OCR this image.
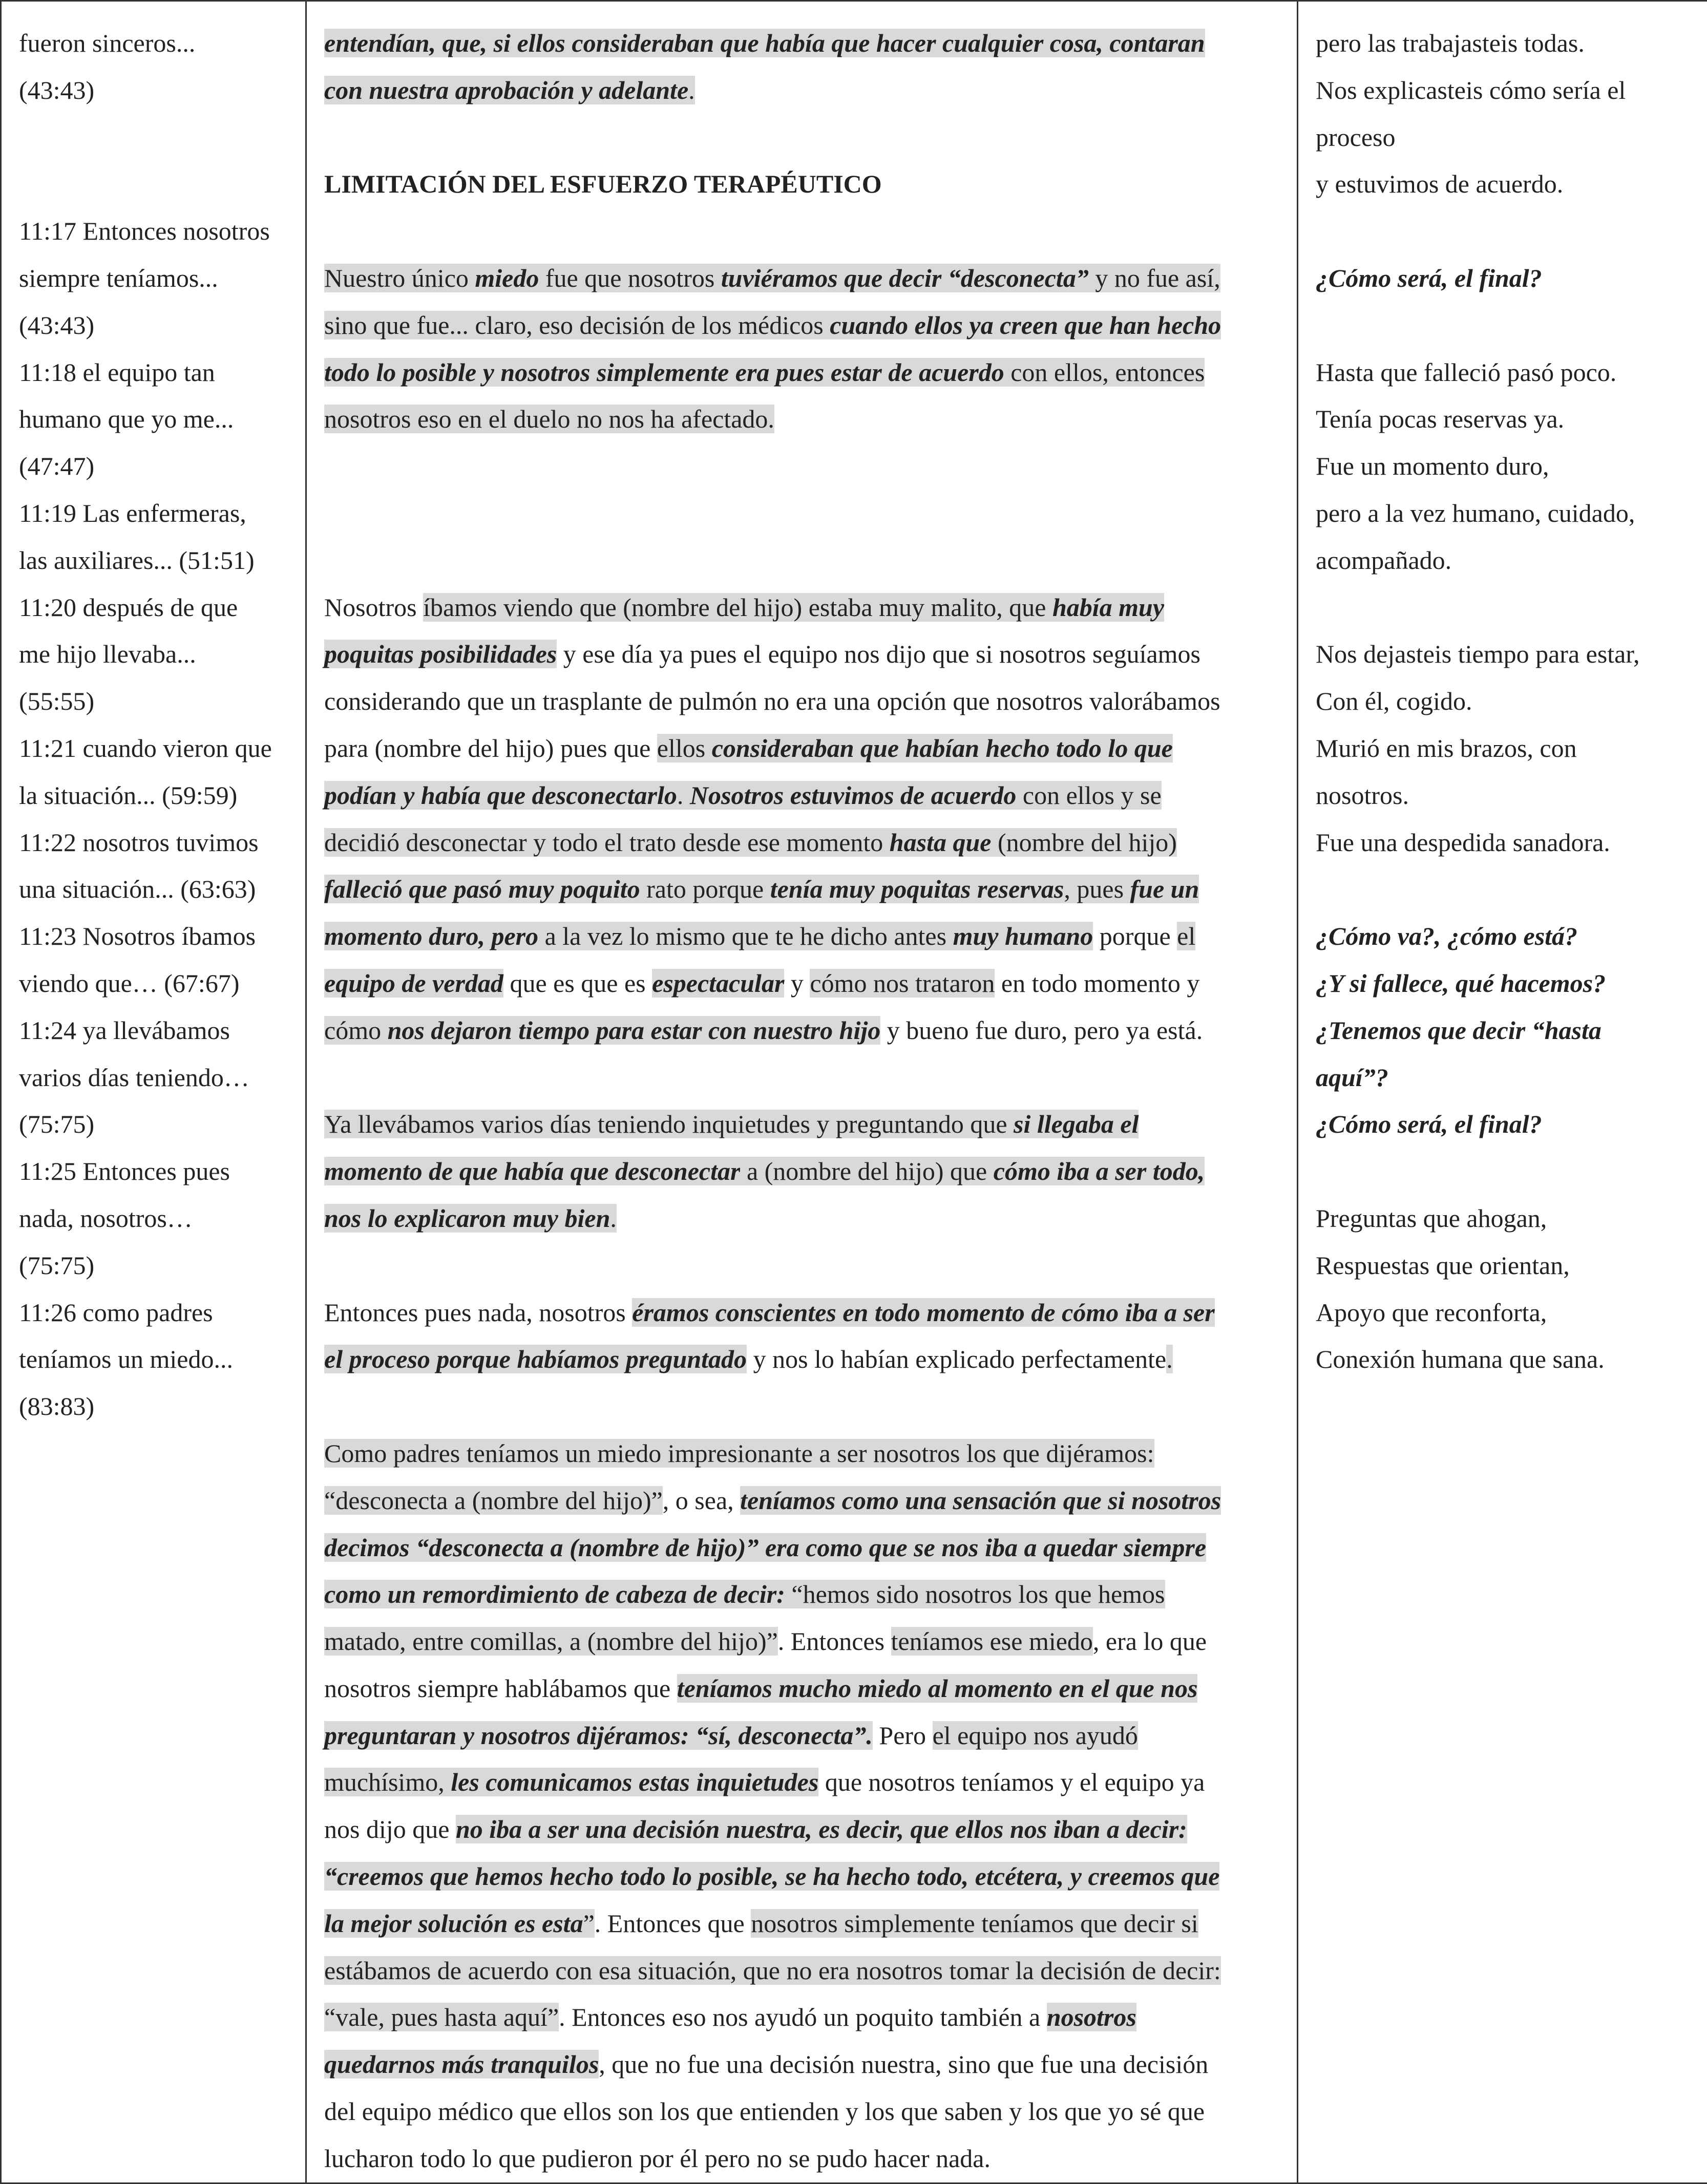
fueron sinceros...
(43:43)
11:17 Entonces nosotros
siempre teníamos...
(43:43)
11:18 el equipo tan
humano que yo me...
(47:47)
11:19 Las enfermeras,
las auxiliares... (51:51)
11:20 después de que
me hijo llevaba...
(55:55)
11:21 cuando vieron que
la situación... (59:59)
11:22 nosotros tuvimos
una situación... (63:63)
11:23 Nosotros íbamos
viendo que… (67:67)
11:24 ya llevábamos
varios días teniendo…
(75:75)
11:25 Entonces pues
nada, nosotros…
(75:75)
11:26 como padres
teníamos un miedo...
(83:83)

entendían, que, si ellos consideraban que había que hacer cualquier cosa, contaran
con nuestra aprobación y adelante.
LIMITACIÓN DEL ESFUERZO TERAPÉUTICO
Nuestro único miedo fue que nosotros tuviéramos que decir “desconecta” y no fue así,
sino que fue... claro, eso decisión de los médicos cuando ellos ya creen que han hecho
todo lo posible y nosotros simplemente era pues estar de acuerdo con ellos, entonces
nosotros eso en el duelo no nos ha afectado.
Nosotros íbamos viendo que (nombre del hijo) estaba muy malito, que había muy
poquitas posibilidades y ese día ya pues el equipo nos dijo que si nosotros seguíamos
considerando que un trasplante de pulmón no era una opción que nosotros valorábamos
para (nombre del hijo) pues que ellos consideraban que habían hecho todo lo que
podían y había que desconectarlo. Nosotros estuvimos de acuerdo con ellos y se
decidió desconectar y todo el trato desde ese momento hasta que (nombre del hijo)
falleció que pasó muy poquito rato porque tenía muy poquitas reservas, pues fue un
momento duro, pero a la vez lo mismo que te he dicho antes muy humano porque el
equipo de verdad que es que es espectacular y cómo nos trataron en todo momento y
cómo nos dejaron tiempo para estar con nuestro hijo y bueno fue duro, pero ya está.
Ya llevábamos varios días teniendo inquietudes y preguntando que si llegaba el
momento de que había que desconectar a (nombre del hijo) que cómo iba a ser todo,
nos lo explicaron muy bien.
Entonces pues nada, nosotros éramos conscientes en todo momento de cómo iba a ser
el proceso porque habíamos preguntado y nos lo habían explicado perfectamente.
Como padres teníamos un miedo impresionante a ser nosotros los que dijéramos:
“desconecta a (nombre del hijo)”, o sea, teníamos como una sensación que si nosotros
decimos “desconecta a (nombre de hijo)” era como que se nos iba a quedar siempre
como un remordimiento de cabeza de decir: “hemos sido nosotros los que hemos
matado, entre comillas, a (nombre del hijo)”. Entonces teníamos ese miedo, era lo que
nosotros siempre hablábamos que teníamos mucho miedo al momento en el que nos
preguntaran y nosotros dijéramos: “sí, desconecta”. Pero el equipo nos ayudó
muchísimo, les comunicamos estas inquietudes que nosotros teníamos y el equipo ya
nos dijo que no iba a ser una decisión nuestra, es decir, que ellos nos iban a decir:
“creemos que hemos hecho todo lo posible, se ha hecho todo, etcétera, y creemos que
la mejor solución es esta”. Entonces que nosotros simplemente teníamos que decir si
estábamos de acuerdo con esa situación, que no era nosotros tomar la decisión de decir:
“vale, pues hasta aquí”. Entonces eso nos ayudó un poquito también a nosotros
quedarnos más tranquilos, que no fue una decisión nuestra, sino que fue una decisión
del equipo médico que ellos son los que entienden y los que saben y los que yo sé que
lucharon todo lo que pudieron por él pero no se pudo hacer nada.

pero las trabajasteis todas.
Nos explicasteis cómo sería el
proceso
y estuvimos de acuerdo.
¿Cómo será, el final?
Hasta que falleció pasó poco.
Tenía pocas reservas ya.
Fue un momento duro,
pero a la vez humano, cuidado,
acompañado.
Nos dejasteis tiempo para estar,
Con él, cogido.
Murió en mis brazos, con
nosotros.
Fue una despedida sanadora.
¿Cómo va?, ¿cómo está?
¿Y si fallece, qué hacemos?
¿Tenemos que decir “hasta
aquí”?
¿Cómo será, el final?
Preguntas que ahogan,
Respuestas que orientan,
Apoyo que reconforta,
Conexión humana que sana.
